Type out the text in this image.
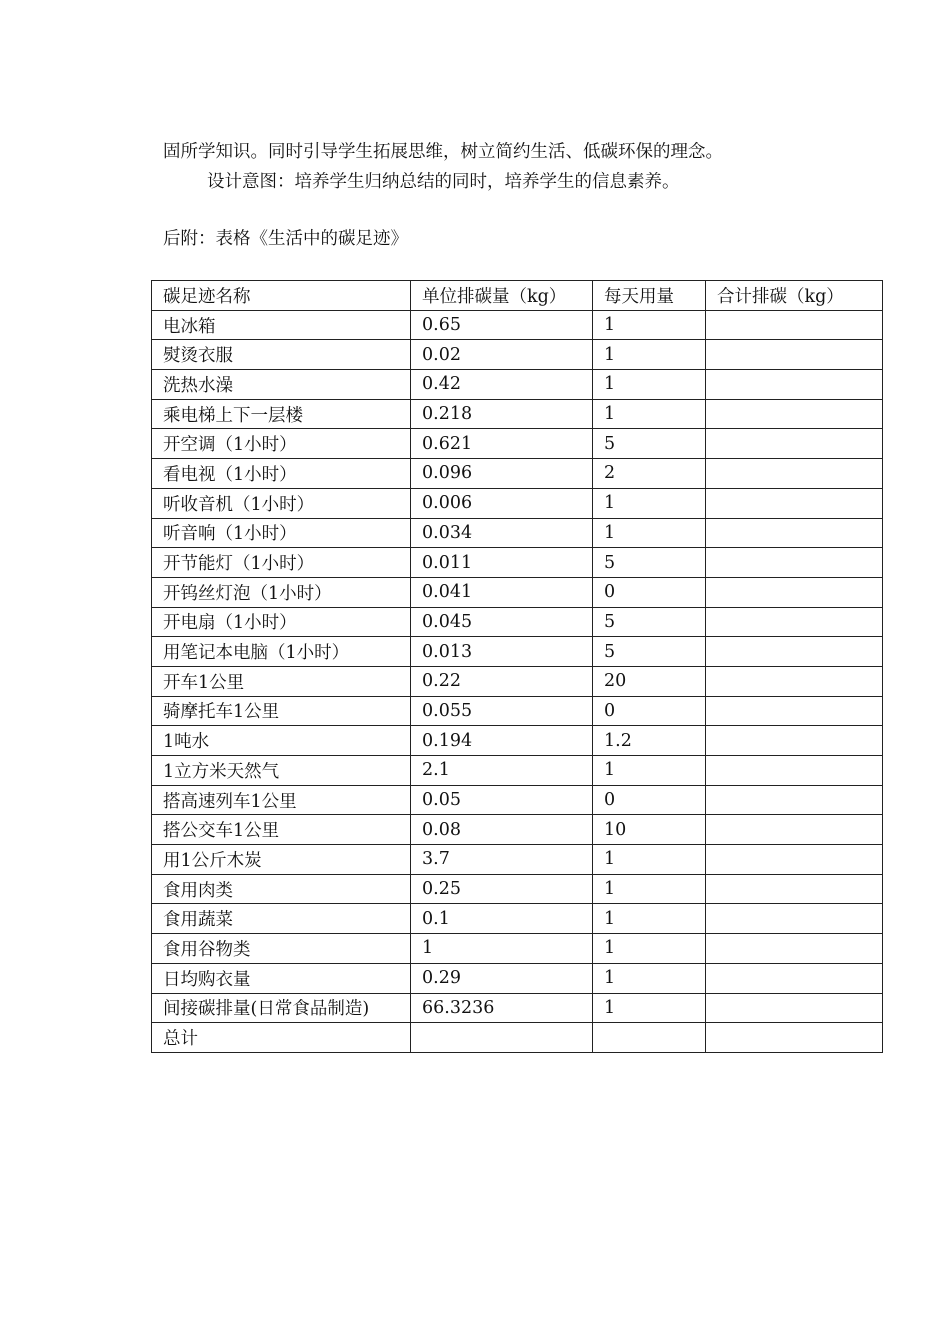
固所学知识。同时引导学生拓展思维，树立简约生活、低碳环保的理念。

设计意图：培养学生归纳总结的同时，培养学生的信息素养。

后附：表格《生活中的碳足迹》

碳足迹名称	单位排碳量（kg）	每天用量	合计排碳（kg）
电冰箱	0.65	1	
熨烫衣服	0.02	1	
洗热水澡	0.42	1	
乘电梯上下一层楼	0.218	1	
开空调（1小时）	0.621	5	
看电视（1小时）	0.096	2	
听收音机（1小时）	0.006	1	
听音响（1小时）	0.034	1	
开节能灯（1小时）	0.011	5	
开钨丝灯泡（1小时）	0.041	0	
开电扇（1小时）	0.045	5	
用笔记本电脑（1小时）	0.013	5	
开车1公里	0.22	20	
骑摩托车1公里	0.055	0	
1吨水	0.194	1.2	
1立方米天然气	2.1	1	
搭高速列车1公里	0.05	0	
搭公交车1公里	0.08	10	
用1公斤木炭	3.7	1	
食用肉类	0.25	1	
食用蔬菜	0.1	1	
食用谷物类	1	1	
日均购衣量	0.29	1	
间接碳排量(日常食品制造)	66.3236	1	
总计			
